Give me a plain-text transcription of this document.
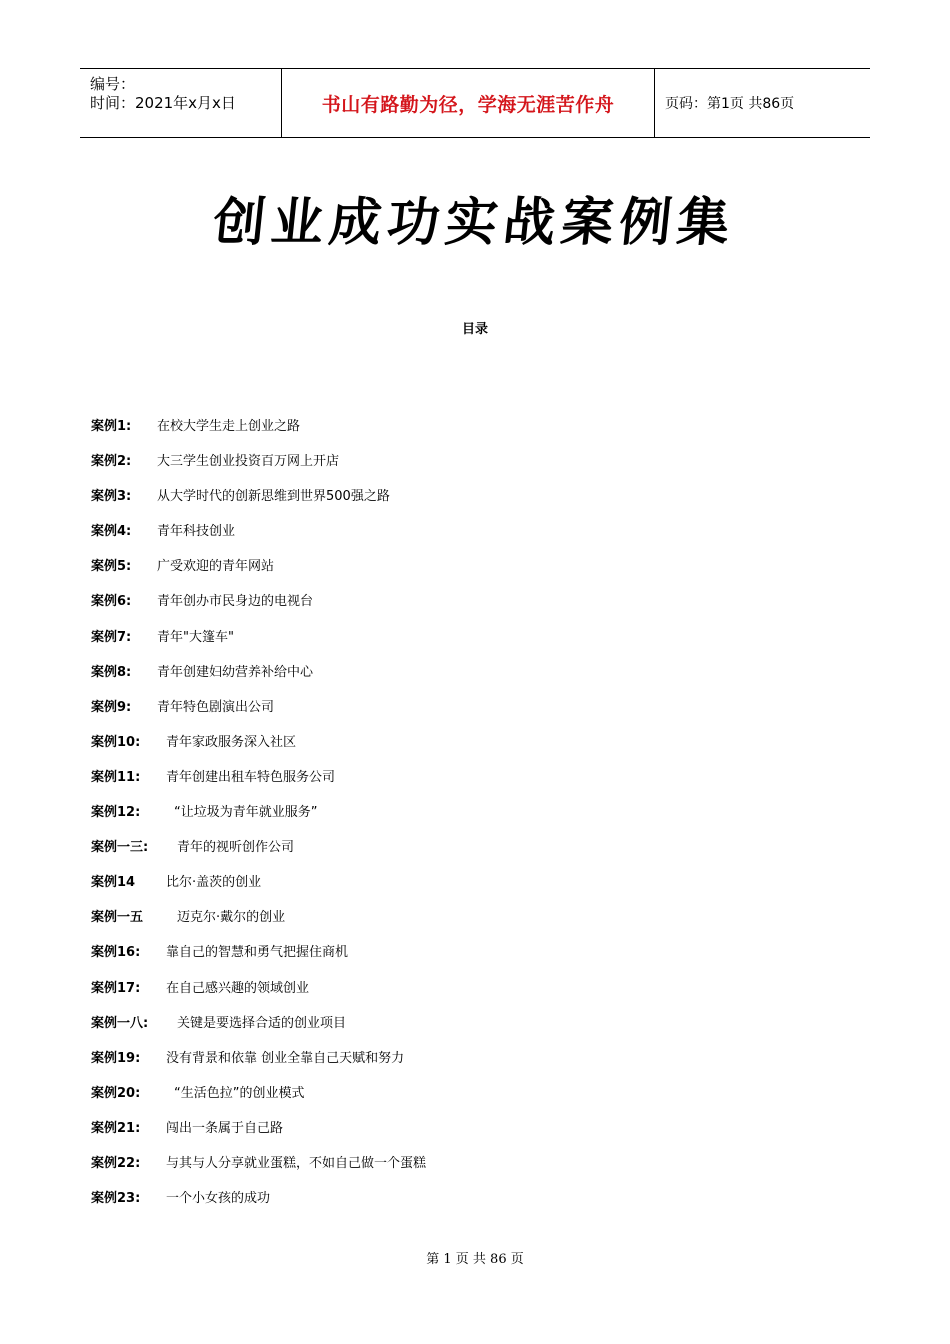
编号：
时间：2021年x月x日	书山有路勤为径，学海无涯苦作舟	页码：第1页 共86页
创业成功实战案例集
目录
案例1: 在校大学生走上创业之路
案例2: 大三学生创业投资百万网上开店
案例3: 从大学时代的创新思维到世界500强之路
案例4: 青年科技创业
案例5: 广受欢迎的青年网站
案例6: 青年创办市民身边的电视台
案例7: 青年"大篷车"
案例8: 青年创建妇幼营养补给中心
案例9: 青年特色剧演出公司
案例10: 青年家政服务深入社区
案例11: 青年创建出租车特色服务公司
案例12:	“让垃圾为青年就业服务”
案例一三: 青年的视听创作公司
案例14 比尔·盖茨的创业
案例一五	迈克尔·戴尔的创业
案例16: 靠自己的智慧和勇气把握住商机
案例17: 在自己感兴趣的领域创业
案例一八: 关键是要选择合适的创业项目
案例19: 没有背景和依靠 创业全靠自己天赋和努力
案例20:	“生活色拉”的创业模式
案例21: 闯出一条属于自己路
案例22: 与其与人分享就业蛋糕，不如自己做一个蛋糕
案例23: 一个小女孩的成功
第 1 页 共 86 页
